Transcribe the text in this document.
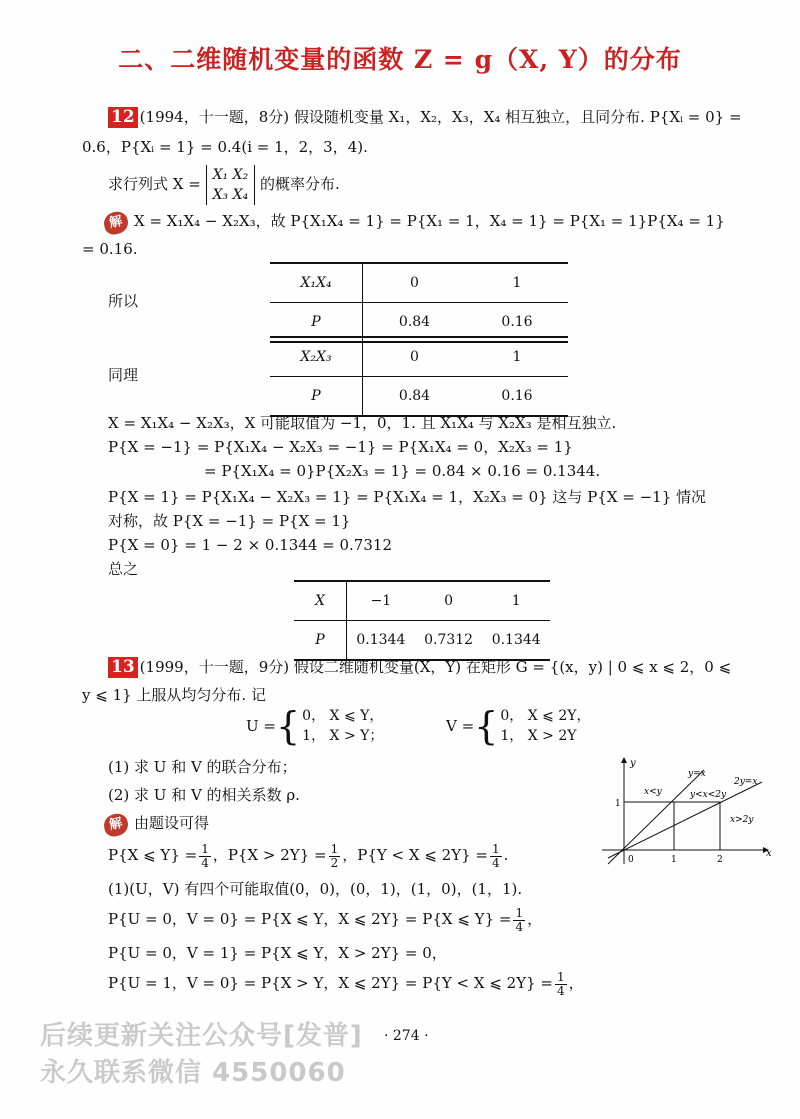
二、二维随机变量的函数 Z = g（X, Y）的分布
12 (1994，十一题，8分) 假设随机变量 X₁，X₂，X₃，X₄ 相互独立，且同分布. P{Xᵢ = 0} =
0.6，P{Xᵢ = 1} = 0.4(i = 1，2，3，4).
求行列式 X = X₁ X₂
X₃ X₄
的概率分布.
解 X = X₁X₄ − X₂X₃，故 P{X₁X₄ = 1} = P{X₁ = 1，X₄ = 1} = P{X₁ = 1}P{X₄ = 1}
= 0.16.
所以
X₁X₄	0	1
P	0.84	0.16
同理
X₂X₃	0	1
P	0.84	0.16
X = X₁X₄ − X₂X₃，X 可能取值为 −1，0，1. 且 X₁X₄ 与 X₂X₃ 是相互独立.
P{X = −1} = P{X₁X₄ − X₂X₃ = −1} = P{X₁X₄ = 0，X₂X₃ = 1}
= P{X₁X₄ = 0}P{X₂X₃ = 1} = 0.84 × 0.16 = 0.1344.
P{X = 1} = P{X₁X₄ − X₂X₃ = 1} = P{X₁X₄ = 1，X₂X₃ = 0} 这与 P{X = −1} 情况
对称，故 P{X = −1} = P{X = 1}
P{X = 0} = 1 − 2 × 0.1344 = 0.7312
总之
X	−1	0	1
P	0.1344	0.7312	0.1344
13 (1999，十一题，9分) 假设二维随机变量(X，Y) 在矩形 G = {(x，y) | 0 ⩽ x ⩽ 2，0 ⩽
y ⩽ 1} 上服从均匀分布. 记
U ={ 0， X ⩽ Y，
1， X > Y；
V ={ 0， X ⩽ 2Y，
1， X > 2Y
(1) 求 U 和 V 的联合分布；
(2) 求 U 和 V 的相关系数 ρ.
解 由题设可得
P{X ⩽ $Y\} = \frac{1}{4}$ ，$P\{X > 2Y\} = \frac{1}{2}$ ，P{Y < X ⩽ $2Y\} = \frac{1}{4}$ .
(1)(U，V) 有四个可能取值(0，0)，(0，1)，(1，0)，(1，1).
P{U = 0，V = 0} = P{X ⩽ Y，X ⩽ 2Y} = P{X ⩽ $Y\} = \frac{1}{4}$ ，
P{U = 0，V = 1} = P{X ⩽ Y，X > 2Y} = 0，
P{U = 1，V = 0} = P{X > Y，X ⩽ 2Y} = P{Y < X ⩽ $2Y\} = \frac{1}{4}$ ，
y
x
y=x
2y=x
x<y	y<x<2y
x>2y
0	1	2
1
后续更新关注公众号[发普]
永久联系微信 4550060
· 274 ·
